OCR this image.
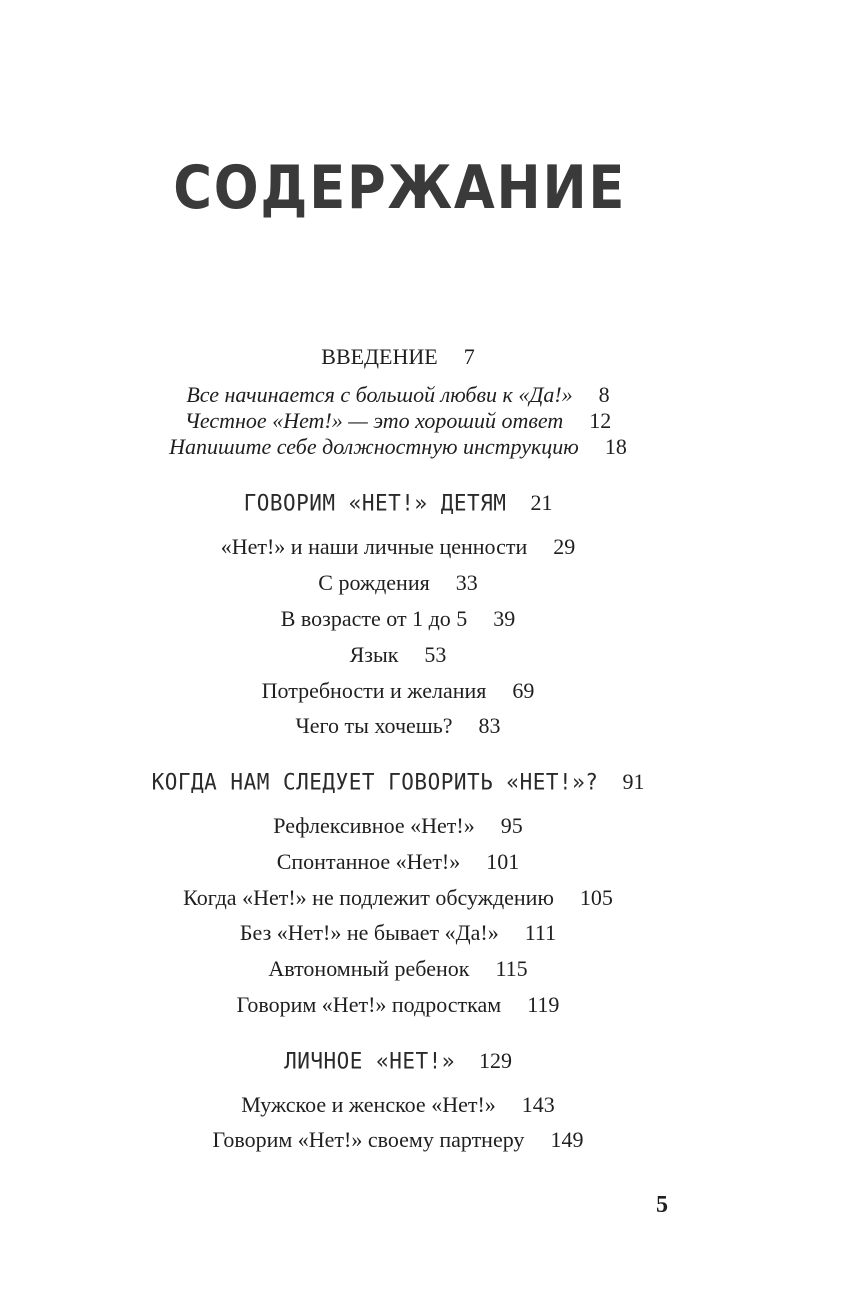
СОДЕРЖАНИЕ
ВВЕДЕНИЕ 7
Все начинается с большой любви к «Да!» 8
Честное «Нет!» — это хороший ответ 12
Напишите себе должностную инструкцию 18
ГОВОРИМ «НЕТ!» ДЕТЯМ 21
«Нет!» и наши личные ценности 29
С рождения 33
В возрасте от 1 до 5 39
Язык 53
Потребности и желания 69
Чего ты хочешь? 83
КОГДА НАМ СЛЕДУЕТ ГОВОРИТЬ «НЕТ!»? 91
Рефлексивное «Нет!» 95
Спонтанное «Нет!» 101
Когда «Нет!» не подлежит обсуждению 105
Без «Нет!» не бывает «Да!» 111
Автономный ребенок 115
Говорим «Нет!» подросткам 119
ЛИЧНОЕ «НЕТ!» 129
Мужское и женское «Нет!» 143
Говорим «Нет!» своему партнеру 149
5
